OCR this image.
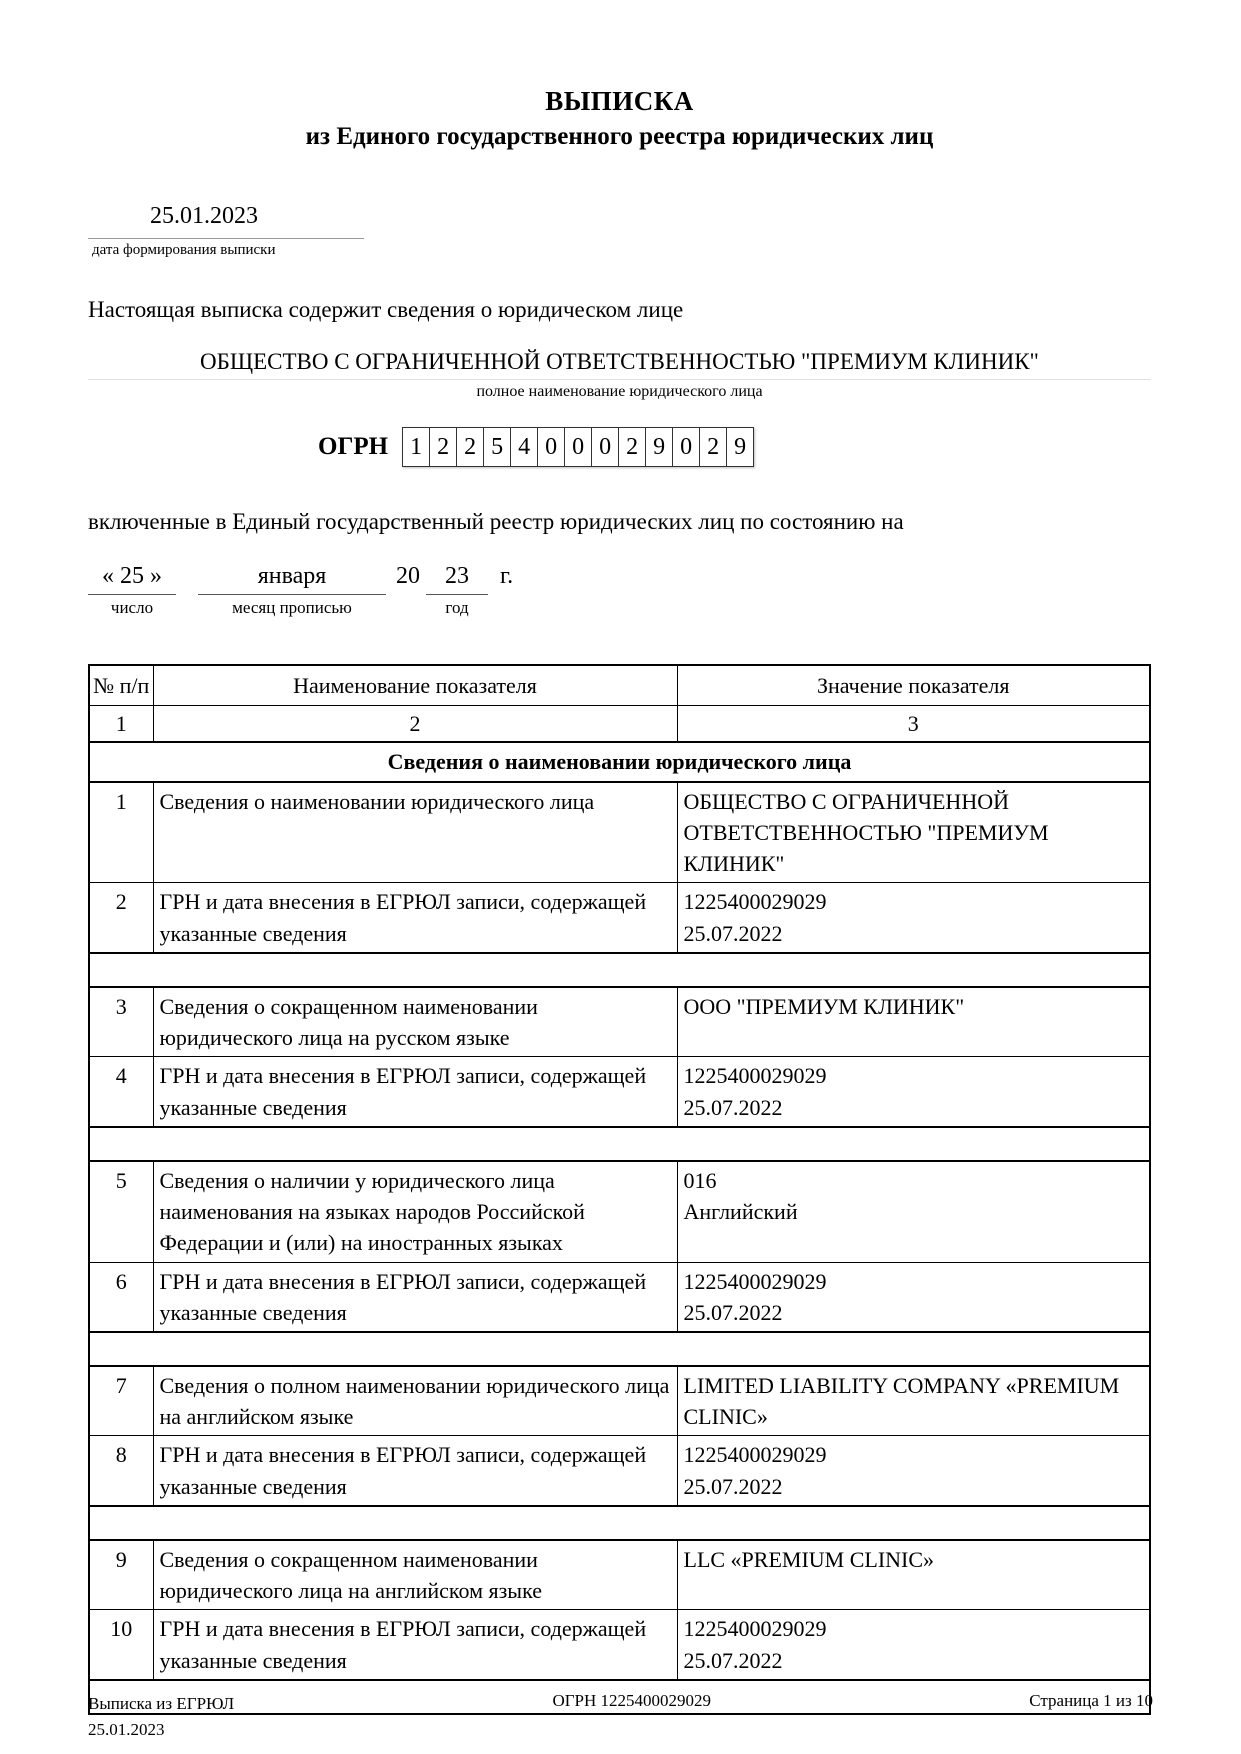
ВЫПИСКА
из Единого государственного реестра юридических лиц
25.01.2023
дата формирования выписки
Настоящая выписка содержит сведения о юридическом лице
ОБЩЕСТВО С ОГРАНИЧЕННОЙ ОТВЕТСТВЕННОСТЬЮ "ПРЕМИУМ КЛИНИК"
полное наименование юридического лица
ОГРН 1 2 2 5 4 0 0 0 2 9 0 2 9
включенные в Единый государственный реестр юридических лиц по состоянию на
« 25 »
число
января
месяц прописью
20	23
год
г.
№ п/п	Наименование показателя	Значение показателя
1	2	3
Сведения о наименовании юридического лица		
1	Сведения о наименовании юридического лица	ОБЩЕСТВО С ОГРАНИЧЕННОЙ ОТВЕТСТВЕННОСТЬЮ "ПРЕМИУМ КЛИНИК"

2	ГРН и дата внесения в ЕГРЮЛ записи, содержащей указанные сведения	1225400029029
25.07.2022

3	Сведения о сокращенном наименовании юридического лица на русском языке	ООО "ПРЕМИУМ КЛИНИК"

4	ГРН и дата внесения в ЕГРЮЛ записи, содержащей указанные сведения	1225400029029
25.07.2022

5	Сведения о наличии у юридического лица наименования на языках народов Российской Федерации и (или) на иностранных языках	016
Английский

6	ГРН и дата внесения в ЕГРЮЛ записи, содержащей указанные сведения	1225400029029
25.07.2022

7	Сведения о полном наименовании юридического лица на английском языке	LIMITED LIABILITY COMPANY «PREMIUM CLINIC»

8	ГРН и дата внесения в ЕГРЮЛ записи, содержащей указанные сведения	1225400029029
25.07.2022

9	Сведения о сокращенном наименовании юридического лица на английском языке	LLC «PREMIUM CLINIC»

10	ГРН и дата внесения в ЕГРЮЛ записи, содержащей указанные сведения	1225400029029
25.07.2022

Выписка из ЕГРЮЛ
25.01.2023
ОГРН 1225400029029	Страница 1 из 10
